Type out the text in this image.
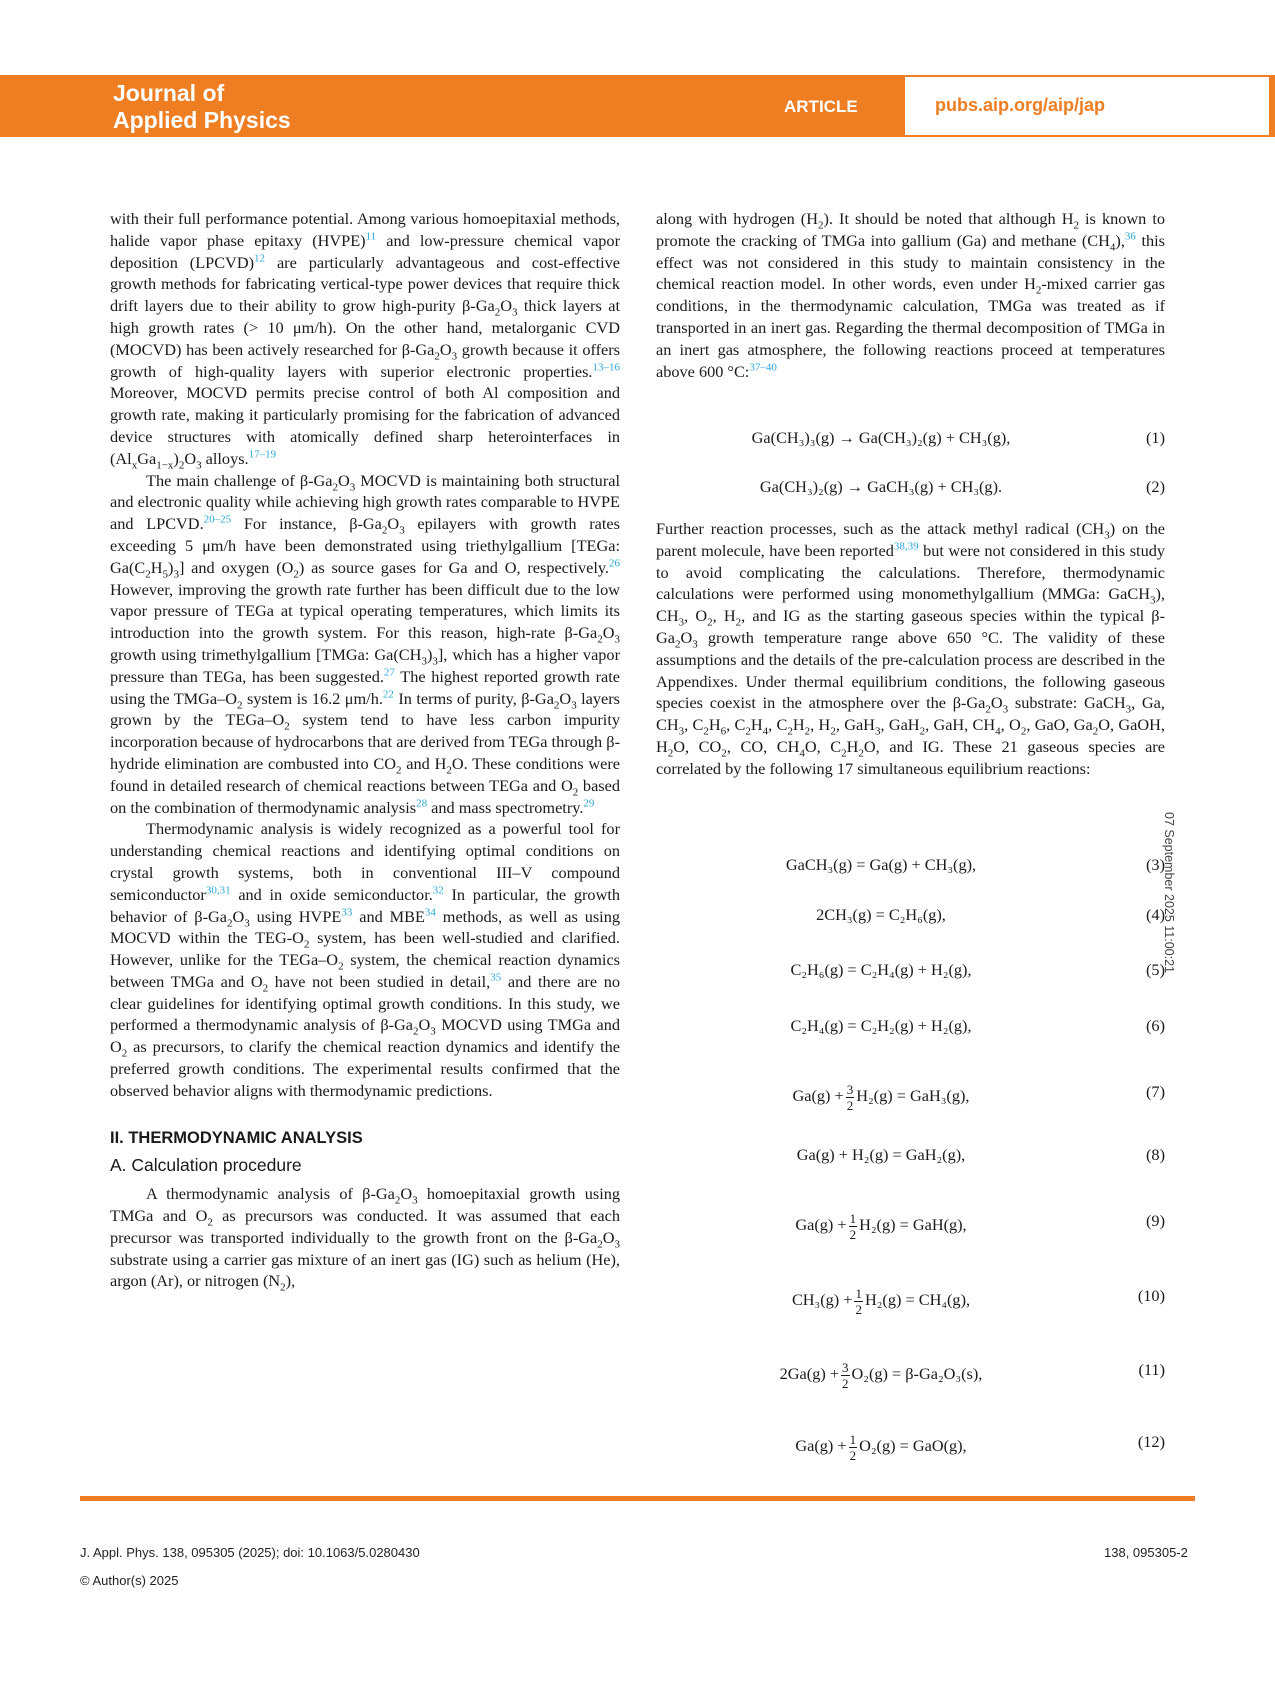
Journal of
Applied Physics
ARTICLE	pubs.aip.org/aip/jap

with their full performance potential. Among various homoepitaxial methods, halide vapor phase epitaxy (HVPE)$^{11}$ and low-pressure chemical vapor deposition (LPCVD)$^{12}$ are particularly advantageous and cost-effective growth methods for fabricating vertical-type power devices that require thick drift layers due to their ability to grow high-purity $\beta-Ga_2O_3$ thick layers at high growth rates (> 10 μm/h). On the other hand, metalorganic CVD (MOCVD) has been actively researched for $\beta-Ga_2O_3$ growth because it offers growth of high-quality layers with superior electronic properties.$^{13-16}$ Moreover, MOCVD permits precise control of both Al composition and growth rate, making it particularly promising for the fabrication of advanced device structures with atomically defined sharp heterointerfaces in $(Al_xGa_{1-x})_2O_3$ alloys.$^{17-19}$

The main challenge of $\beta-Ga_2O_3$ MOCVD is maintaining both structural and electronic quality while achieving high growth rates comparable to HVPE and LPCVD.$^{20-25}$ For instance, $\beta-Ga_2O_3$ epilayers with growth rates exceeding 5 μm/h have been demonstrated using triethylgallium [TEGa: $Ga(C_2H_5)_3$] and oxygen $(O_2)$ as source gases for Ga and O, respectively.$^{26}$ However, improving the growth rate further has been difficult due to the low vapor pressure of TEGa at typical operating temperatures, which limits its introduction into the growth system. For this reason, high-rate $\beta-Ga_2O_3$ growth using trimethylgallium [TMGa: $Ga(CH_3)_3$], which has a higher vapor pressure than TEGa, has been suggested.$^{27}$ The highest reported growth rate using the TMGa–$O_2$ system is 16.2 μm/h.$^{22}$ In terms of purity, $\beta-Ga_2O_3$ layers grown by the TEGa–$O_2$ system tend to have less carbon impurity incorporation because of hydrocarbons that are derived from TEGa through β-hydride elimination are combusted into $CO_2$ and $H_2O$. These conditions were found in detailed research of chemical reactions between TEGa and $O_2$ based on the combination of thermodynamic analysis$^{28}$ and mass spectrometry.$^{29}$

Thermodynamic analysis is widely recognized as a powerful tool for understanding chemical reactions and identifying optimal conditions on crystal growth systems, both in conventional III–V compound semiconductor$^{30,31}$ and in oxide semiconductor.$^{32}$ In particular, the growth behavior of $\beta-Ga_2O_3$ using HVPE$^{33}$ and MBE$^{34}$ methods, as well as using MOCVD within the TEG-$O_2$ system, has been well-studied and clarified. However, unlike for the TEGa–$O_2$ system, the chemical reaction dynamics between TMGa and $O_2$ have not been studied in detail,$^{35}$ and there are no clear guidelines for identifying optimal growth conditions. In this study, we performed a thermodynamic analysis of $\beta-Ga_2O_3$ MOCVD using TMGa and $O_2$ as precursors, to clarify the chemical reaction dynamics and identify the preferred growth conditions. The experimental results confirmed that the observed behavior aligns with thermodynamic predictions.

II. THERMODYNAMIC ANALYSIS
A. Calculation procedure

A thermodynamic analysis of $\beta-Ga_2O_3$ homoepitaxial growth using TMGa and $O_2$ as precursors was conducted. It was assumed that each precursor was transported individually to the growth front on the $\beta-Ga_2O_3$ substrate using a carrier gas mixture of an inert gas (IG) such as helium (He), argon (Ar), or nitrogen $(N_2)$,

along with hydrogen $(H_2)$. It should be noted that although $H_2$ is known to promote the cracking of TMGa into gallium (Ga) and methane $(CH_4),^{36}$ this effect was not considered in this study to maintain consistency in the chemical reaction model. In other words, even under $H_2$-mixed carrier gas conditions, in the thermodynamic calculation, TMGa was treated as if transported in an inert gas. Regarding the thermal decomposition of TMGa in an inert gas atmosphere, the following reactions proceed at temperatures above 600 °C:$^{37-40}$

Further reaction processes, such as the attack methyl radical $(CH_3)$ on the parent molecule, have been reported$^{38,39}$ but were not considered in this study to avoid complicating the calculations. Therefore, thermodynamic calculations were performed using monomethylgallium (MMGa: GaCH$_3$), $CH_3$, $O_2$, $H_2$, and IG as the starting gaseous species within the typical $\beta-Ga_2O_3$ growth temperature range above 650 °C. The validity of these assumptions and the details of the pre-calculation process are described in the Appendixes. Under thermal equilibrium conditions, the following gaseous species coexist in the atmosphere over the $\beta-Ga_2O_3$ substrate: GaCH$_3$, Ga, $CH_3$, $C_2H_6$, $C_2H_4$, $C_2H_2$, $H_2$, GaH$_3$, GaH$_2$, GaH, $CH_4$, $O_2$, GaO, $Ga_2O$, GaOH, $H_2O$, $CO_2$, CO, $CH_4O$, $C_2H_2O$, and IG. These 21 gaseous species are correlated by the following 17 simultaneous equilibrium reactions:

Ga(CH₃)₃(g) → Ga(CH₃)₂(g) + CH₃(g),	(1)
Ga(CH₃)₂(g) → GaCH₃(g) + CH₃(g).	(2)
GaCH₃(g) = Ga(g) + CH₃(g),	(3)
2CH₃(g) = C₂H₆(g),	(4)
C₂H₆(g) = C₂H₄(g) + H₂(g),	(5)
C₂H₄(g) = C₂H₂(g) + H₂(g),	(6)
$Ga(g) + \frac{3}{2} H_2(g) = GaH_3(g)$,	(7)
Ga(g) + H₂(g) = GaH₂(g),	(8)
$Ga(g) + \frac{1}{2} H_2(g) = GaH(g)$,	(9)
$CH_3(g) + \frac{1}{2} H_2(g) = CH_4(g)$,	(10)
$2Ga(g) + \frac{3}{2} O_2(g) = \beta-Ga_2O_3(s)$,	(11)
$Ga(g) + \frac{1}{2} O_2(g) = GaO(g)$,	(12)
07 September 2025 11:00:21
J. Appl. Phys. 138, 095305 (2025); doi: 10.1063/5.0280430
© Author(s) 2025
138, 095305-2
